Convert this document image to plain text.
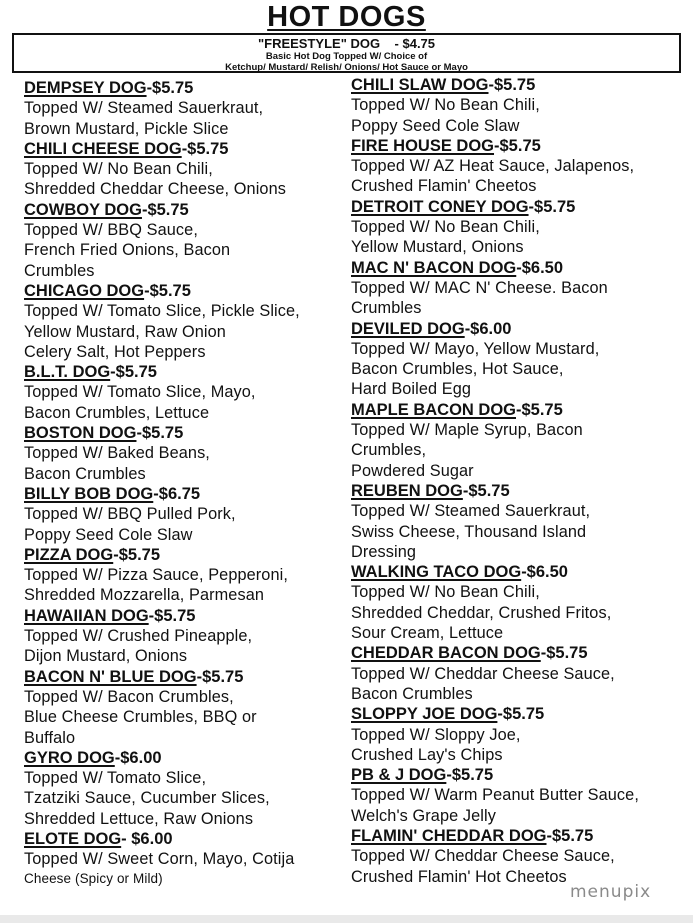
HOT DOGS
"FREESTYLE" DOG - $4.75
Basic Hot Dog Topped W/ Choice of
Ketchup/ Mustard/ Relish/ Onions/ Hot Sauce or Mayo
DEMPSEY DOG-$5.75
Topped W/ Steamed Sauerkraut,
Brown Mustard, Pickle Slice
CHILI CHEESE DOG-$5.75
Topped W/ No Bean Chili,
Shredded Cheddar Cheese, Onions
COWBOY DOG-$5.75
Topped W/ BBQ Sauce,
French Fried Onions, Bacon
Crumbles
CHICAGO DOG-$5.75
Topped W/ Tomato Slice, Pickle Slice,
Yellow Mustard, Raw Onion
Celery Salt, Hot Peppers
B.L.T. DOG-$5.75
Topped W/ Tomato Slice, Mayo,
Bacon Crumbles, Lettuce
BOSTON DOG-$5.75
Topped W/ Baked Beans,
Bacon Crumbles
BILLY BOB DOG-$6.75
Topped W/ BBQ Pulled Pork,
Poppy Seed Cole Slaw
PIZZA DOG-$5.75
Topped W/ Pizza Sauce, Pepperoni,
Shredded Mozzarella, Parmesan
HAWAIIAN DOG-$5.75
Topped W/ Crushed Pineapple,
Dijon Mustard, Onions
BACON N' BLUE DOG-$5.75
Topped W/ Bacon Crumbles,
Blue Cheese Crumbles, BBQ or
Buffalo
GYRO DOG-$6.00
Topped W/ Tomato Slice,
Tzatziki Sauce, Cucumber Slices,
Shredded Lettuce, Raw Onions
ELOTE DOG- $6.00
Topped W/ Sweet Corn, Mayo, Cotija
Cheese (Spicy or Mild)
CHILI SLAW DOG-$5.75
Topped W/ No Bean Chili,
Poppy Seed Cole Slaw
FIRE HOUSE DOG-$5.75
Topped W/ AZ Heat Sauce, Jalapenos,
Crushed Flamin' Cheetos
DETROIT CONEY DOG-$5.75
Topped W/ No Bean Chili,
Yellow Mustard, Onions
MAC N' BACON DOG-$6.50
Topped W/ MAC N' Cheese. Bacon
Crumbles
DEVILED DOG-$6.00
Topped W/ Mayo, Yellow Mustard,
Bacon Crumbles, Hot Sauce,
Hard Boiled Egg
MAPLE BACON DOG-$5.75
Topped W/ Maple Syrup, Bacon
Crumbles,
Powdered Sugar
REUBEN DOG-$5.75
Topped W/ Steamed Sauerkraut,
Swiss Cheese, Thousand Island
Dressing
WALKING TACO DOG-$6.50
Topped W/ No Bean Chili,
Shredded Cheddar, Crushed Fritos,
Sour Cream, Lettuce
CHEDDAR BACON DOG-$5.75
Topped W/ Cheddar Cheese Sauce,
Bacon Crumbles
SLOPPY JOE DOG-$5.75
Topped W/ Sloppy Joe,
Crushed Lay's Chips
PB & J DOG-$5.75
Topped W/ Warm Peanut Butter Sauce,
Welch's Grape Jelly
FLAMIN' CHEDDAR DOG-$5.75
Topped W/ Cheddar Cheese Sauce,
Crushed Flamin' Hot Cheetos
menupix
